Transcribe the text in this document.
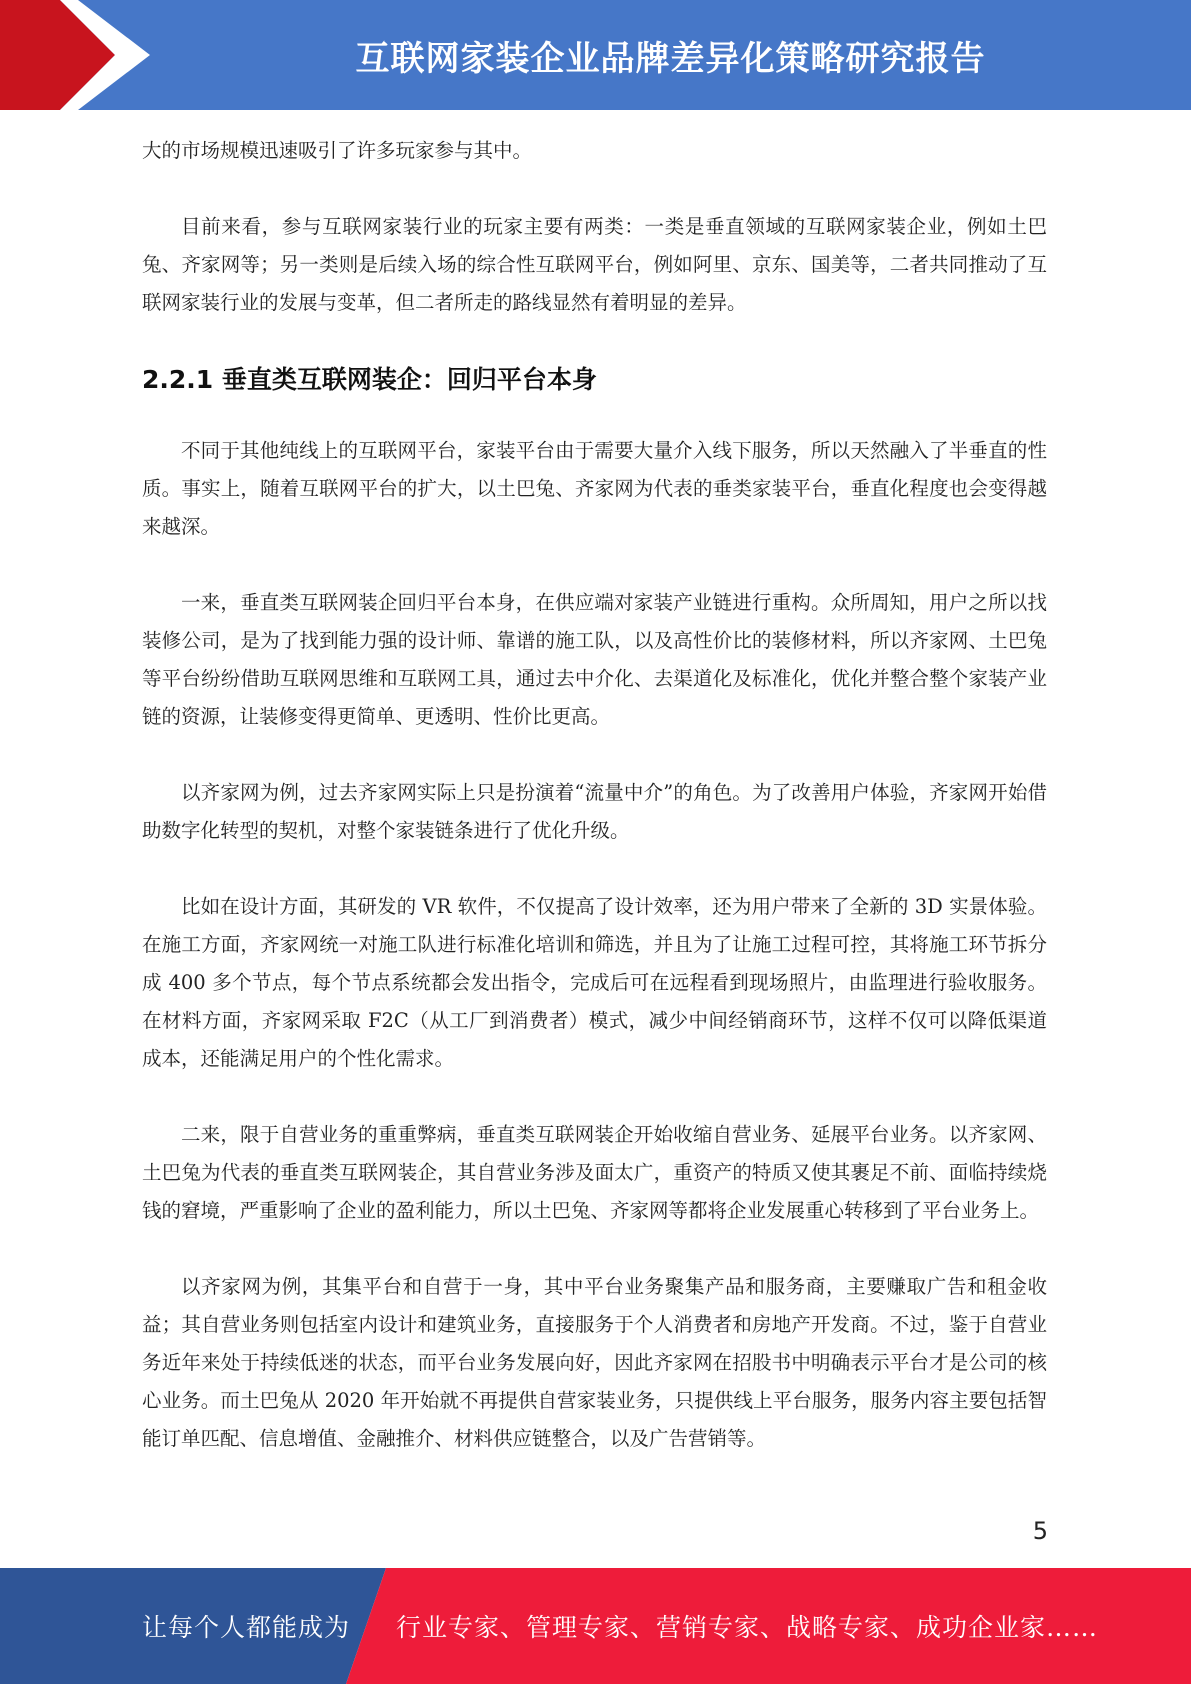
互联网家装企业品牌差异化策略研究报告

大的市场规模迅速吸引了许多玩家参与其中。

目前来看，参与互联网家装行业的玩家主要有两类：一类是垂直领域的互联网家装企业，例如土巴兔、齐家网等；另一类则是后续入场的综合性互联网平台，例如阿里、京东、国美等，二者共同推动了互联网家装行业的发展与变革，但二者所走的路线显然有着明显的差异。

2.2.1 垂直类互联网装企：回归平台本身

不同于其他纯线上的互联网平台，家装平台由于需要大量介入线下服务，所以天然融入了半垂直的性质。事实上，随着互联网平台的扩大，以土巴兔、齐家网为代表的垂类家装平台，垂直化程度也会变得越来越深。

一来，垂直类互联网装企回归平台本身，在供应端对家装产业链进行重构。众所周知，用户之所以找装修公司，是为了找到能力强的设计师、靠谱的施工队，以及高性价比的装修材料，所以齐家网、土巴兔等平台纷纷借助互联网思维和互联网工具，通过去中介化、去渠道化及标准化，优化并整合整个家装产业链的资源，让装修变得更简单、更透明、性价比更高。

以齐家网为例，过去齐家网实际上只是扮演着“流量中介”的角色。为了改善用户体验，齐家网开始借助数字化转型的契机，对整个家装链条进行了优化升级。

比如在设计方面，其研发的 VR 软件，不仅提高了设计效率，还为用户带来了全新的 3D 实景体验。在施工方面，齐家网统一对施工队进行标准化培训和筛选，并且为了让施工过程可控，其将施工环节拆分成 400 多个节点，每个节点系统都会发出指令，完成后可在远程看到现场照片，由监理进行验收服务。在材料方面，齐家网采取 F2C（从工厂到消费者）模式，减少中间经销商环节，这样不仅可以降低渠道成本，还能满足用户的个性化需求。

二来，限于自营业务的重重弊病，垂直类互联网装企开始收缩自营业务、延展平台业务。以齐家网、土巴兔为代表的垂直类互联网装企，其自营业务涉及面太广，重资产的特质又使其裹足不前、面临持续烧钱的窘境，严重影响了企业的盈利能力，所以土巴兔、齐家网等都将企业发展重心转移到了平台业务上。

以齐家网为例，其集平台和自营于一身，其中平台业务聚集产品和服务商，主要赚取广告和租金收益；其自营业务则包括室内设计和建筑业务，直接服务于个人消费者和房地产开发商。不过，鉴于自营业务近年来处于持续低迷的状态，而平台业务发展向好，因此齐家网在招股书中明确表示平台才是公司的核心业务。而土巴兔从 2020 年开始就不再提供自营家装业务，只提供线上平台服务，服务内容主要包括智能订单匹配、信息增值、金融推介、材料供应链整合，以及广告营销等。

5
让每个人都能成为 行业专家、管理专家、营销专家、战略专家、成功企业家……
